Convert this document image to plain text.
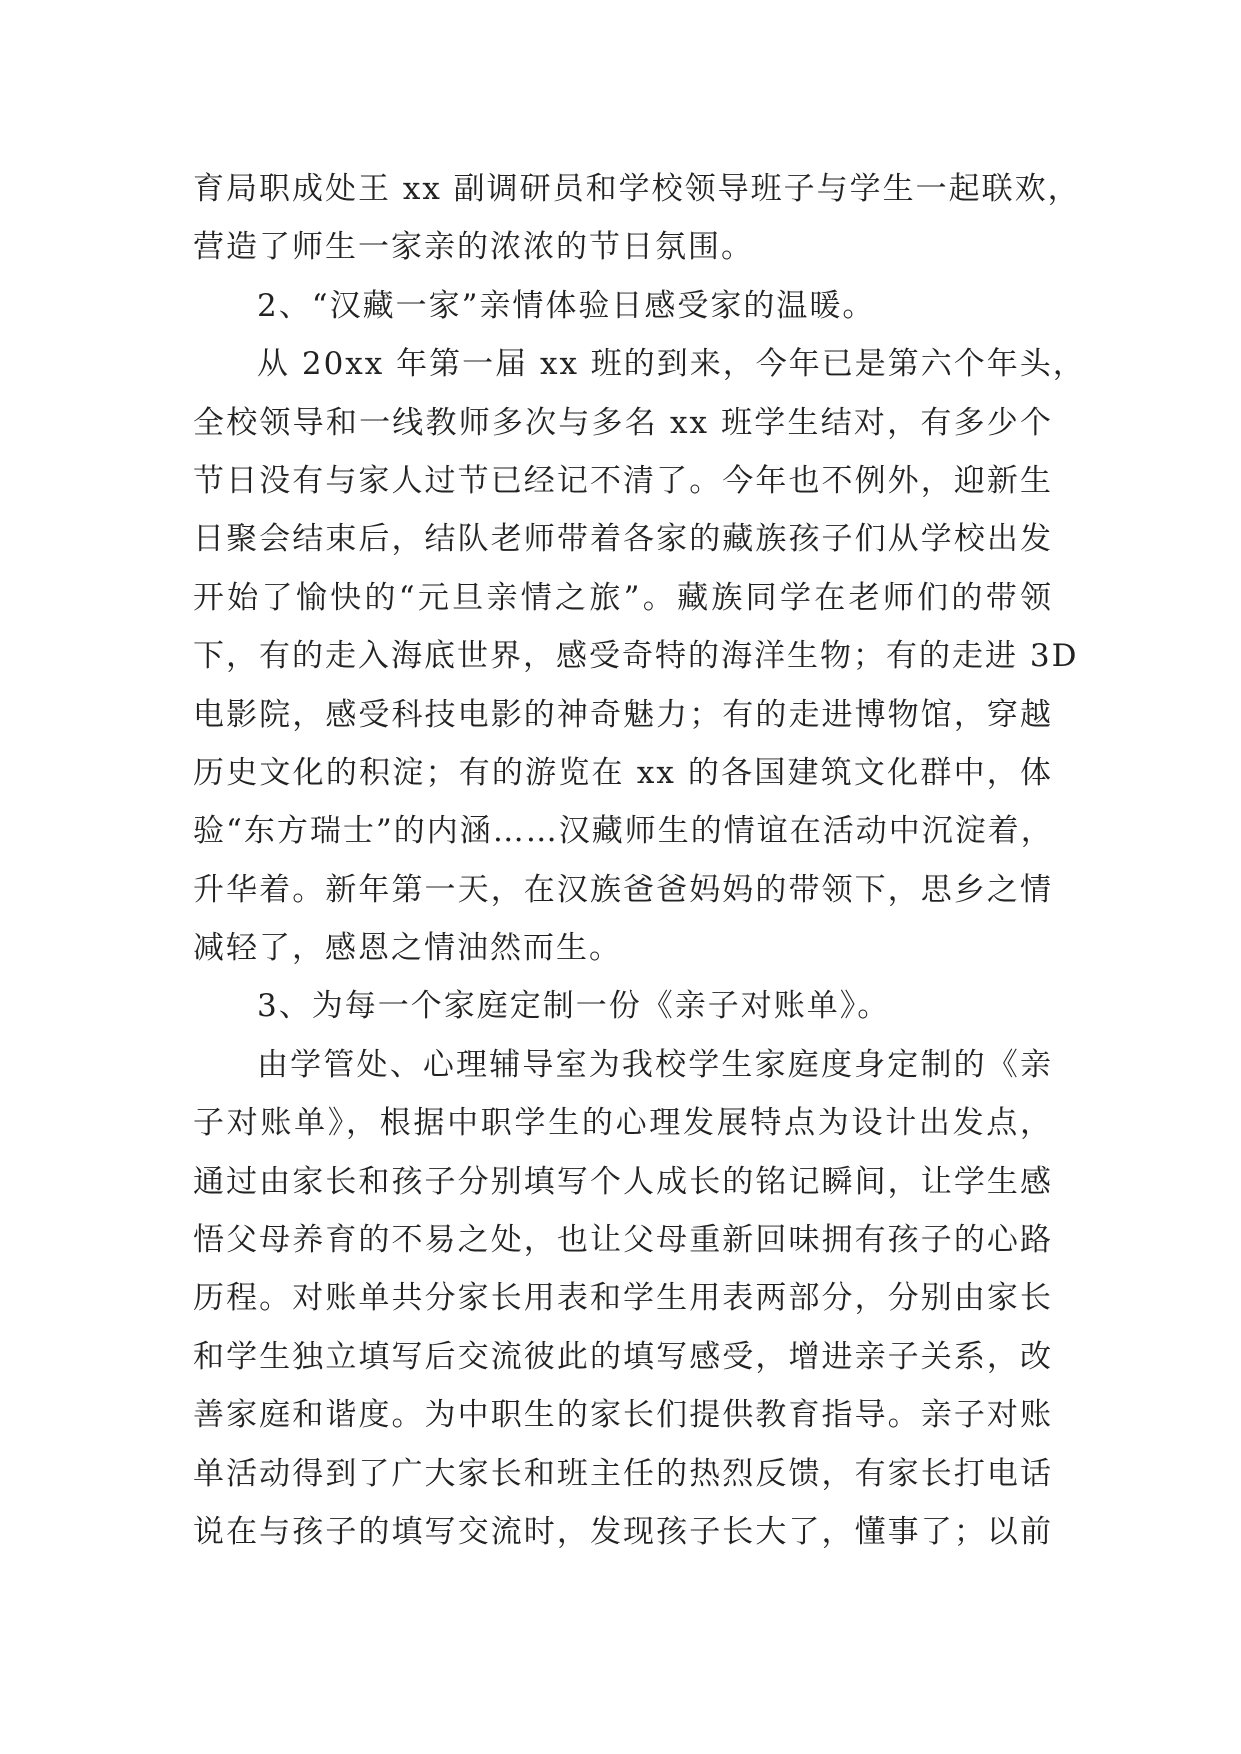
育局职成处王 xx 副调研员和学校领导班子与学生一起联欢，
营造了师生一家亲的浓浓的节日氛围。
2、“汉藏一家”亲情体验日感受家的温暖。
从 20xx 年第一届 xx 班的到来，今年已是第六个年头，
全校领导和一线教师多次与多名 xx 班学生结对，有多少个
节日没有与家人过节已经记不清了。今年也不例外，迎新生
日聚会结束后，结队老师带着各家的藏族孩子们从学校出发
开始了愉快的“元旦亲情之旅”。藏族同学在老师们的带领
下，有的走入海底世界，感受奇特的海洋生物；有的走进 3D
电影院，感受科技电影的神奇魅力；有的走进博物馆，穿越
历史文化的积淀；有的游览在 xx 的各国建筑文化群中，体
验“东方瑞士”的内涵……汉藏师生的情谊在活动中沉淀着，
升华着。新年第一天，在汉族爸爸妈妈的带领下，思乡之情
减轻了，感恩之情油然而生。
3、为每一个家庭定制一份《亲子对账单》。
由学管处、心理辅导室为我校学生家庭度身定制的《亲
子对账单》，根据中职学生的心理发展特点为设计出发点，
通过由家长和孩子分别填写个人成长的铭记瞬间，让学生感
悟父母养育的不易之处，也让父母重新回味拥有孩子的心路
历程。对账单共分家长用表和学生用表两部分，分别由家长
和学生独立填写后交流彼此的填写感受，增进亲子关系，改
善家庭和谐度。为中职生的家长们提供教育指导。亲子对账
单活动得到了广大家长和班主任的热烈反馈，有家长打电话
说在与孩子的填写交流时，发现孩子长大了，懂事了；以前
